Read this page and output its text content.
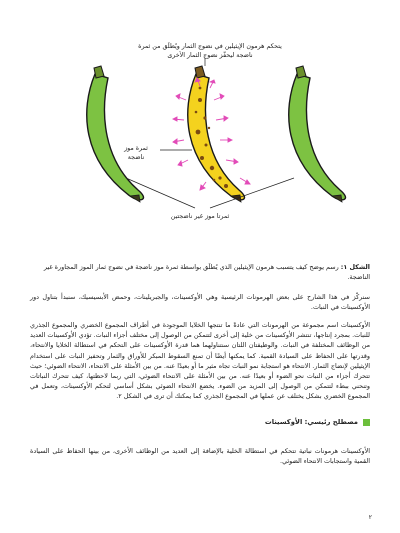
يتحكم هرمون الإيثيلين في نضوج الثمار ويُطلَق من ثمرة ناضجة ليحفّز نضوج الثمار الأخرى
ثمرة موز ناضجة
ثمرتا موز غير ناضجتين
الشكل ١: رسم يوضح كيف يتسبب هرمون الإيثيلين الذي يُطلَق بواسطة ثمرة موز ناضجة في نضوج ثمار الموز المجاورة غير الناضجة.
سنركّز في هذا الشارح على بعض الهرمونات الرئيسية وهي الأوكسينات، والجبريلينات، وحمض الأبسيسيك، سنبدأ بتناول دور الأوكسينات في النبات.
الأوكسينات اسم مجموعة من الهرمونات التي عادةً ما تنتجها الخلايا الموجودة في أطراف المجموع الخضري والمجموع الجذري للنبات. بمجرد إنتاجها، تنتشر الأوكسينات من خلية إلى أخرى لتتمكن من الوصول إلى مختلف أجزاء النبات. تؤدي الأوكسينات العديد من الوظائف المختلفة في النبات. والوظيفتان اللتان سنتناولهما هما قدرة الأوكسينات على التحكم في استطالة الخلايا والانتحاء، وقدرتها على الحفاظ على السيادة القمية. كما يمكنها أيضًا أن تمنع السقوط المبكر للأوراق والثمار وتحفيز النبات على استخدام الإيثيلين لإنضاج الثمار. الانتحاء هو استجابة نمو النبات تجاه مثير ما أو بعيدًا عنه. من بين الأمثلة على الانتحاء، الانتحاء الضوئي؛ حيث تتحرك أجزاء من النبات نحو الضوء أو بعيدًا عنه. من بين الأمثلة على الانتحاء الضوئي، التي ربما لاحظتها، كيف تتحرك النباتات وتنحني ببطء لتتمكن من الوصول إلى المزيد من الضوء. يخضع الانتحاء الضوئي بشكل أساسي لتحكم الأوكسينات، وتعمل في المجموع الخضري بشكل يختلف عن عملها في المجموع الجذري كما يمكنك أن ترى في الشكل ٢.
مصطلح رئيسي: الأوكسينات
الأوكسينات هرمونات نباتية تتحكم في استطالة الخلية بالإضافة إلى العديد من الوظائف الأخرى، من بينها الحفاظ على السيادة القمية واستجابات الانتحاء الضوئي.
٢
